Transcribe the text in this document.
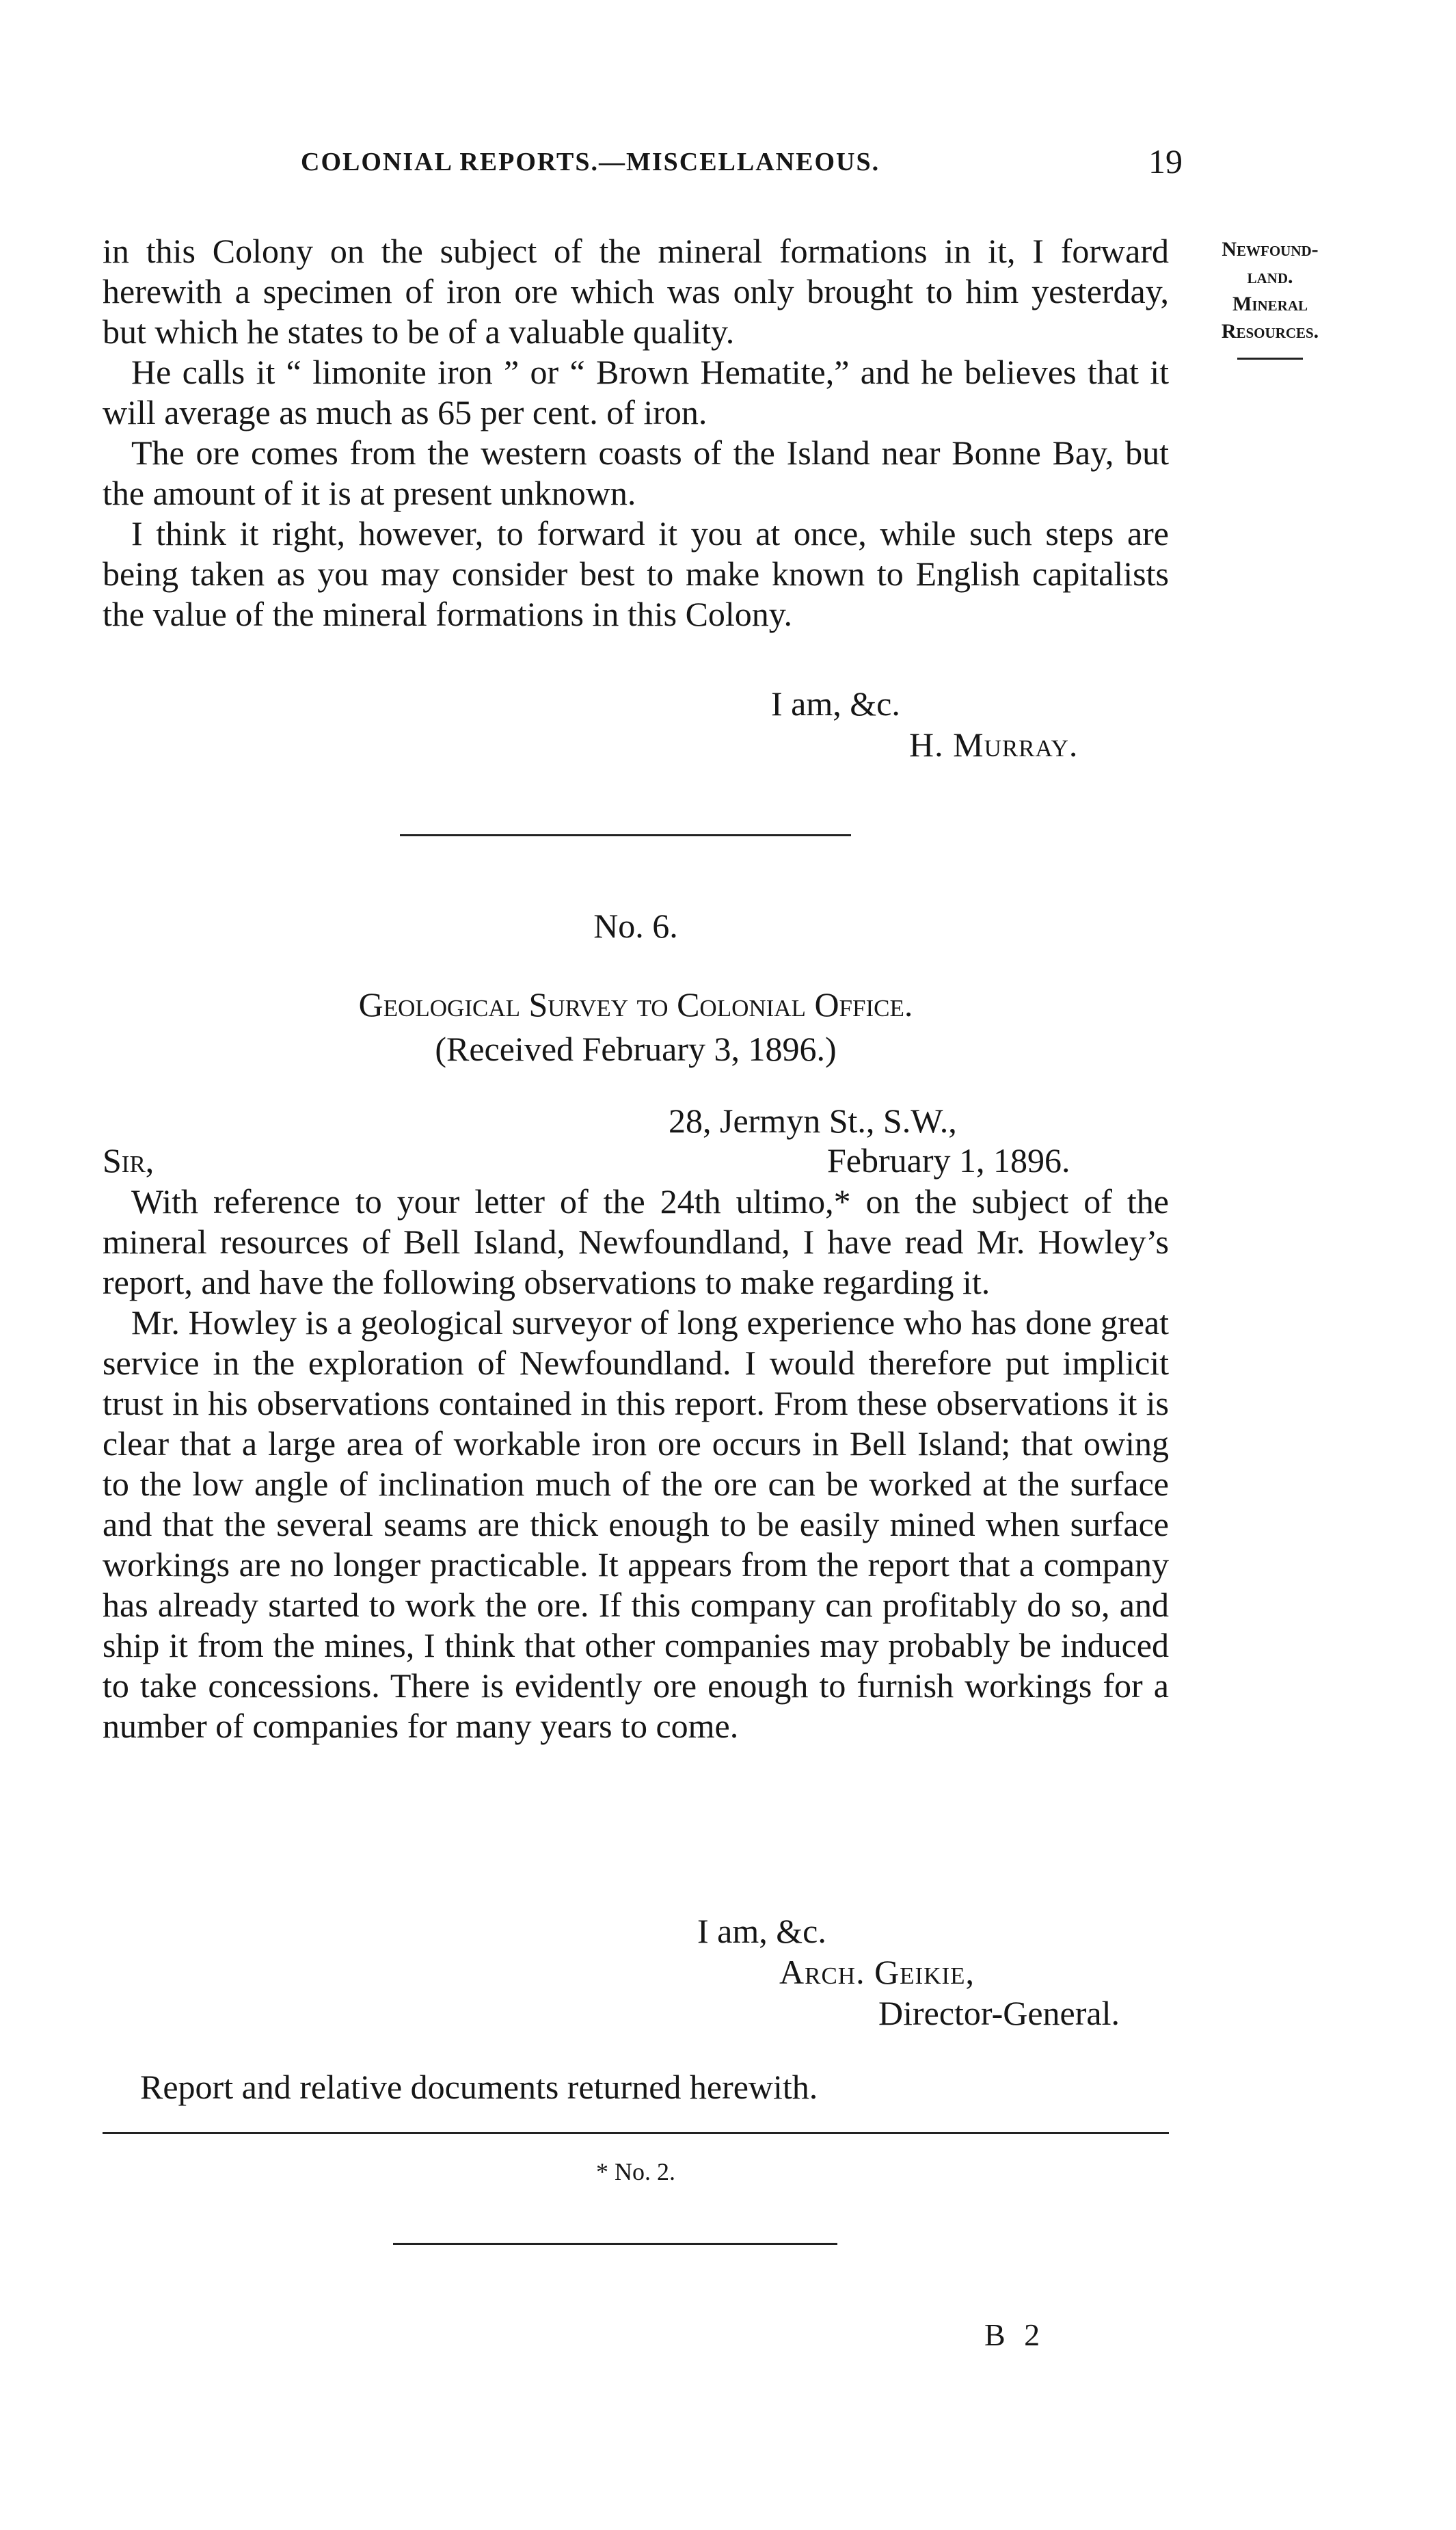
COLONIAL REPORTS.—MISCELLANEOUS.	19
Newfound-
land.
Mineral
Resources.

in this Colony on the subject of the mineral formations in it, I forward herewith a specimen of iron ore which was only brought to him yesterday, but which he states to be of a valuable quality.

He calls it “ limonite iron ” or “ Brown Hematite,” and he believes that it will average as much as 65 per cent. of iron.

The ore comes from the western coasts of the Island near Bonne Bay, but the amount of it is at present unknown.

I think it right, however, to forward it you at once, while such steps are being taken as you may consider best to make known to English capitalists the value of the mineral formations in this Colony.

I am, &c.
H. Murray.
No. 6.
Geological Survey to Colonial Office.
(Received February 3, 1896.)
28, Jermyn St., S.W.,
Sir,	February 1, 1896.

With reference to your letter of the 24th ultimo,* on the subject of the mineral resources of Bell Island, Newfoundland, I have read Mr. Howley’s report, and have the following observations to make regarding it.

Mr. Howley is a geological surveyor of long experience who has done great service in the exploration of Newfoundland. I would therefore put implicit trust in his observations contained in this report. From these observations it is clear that a large area of workable iron ore occurs in Bell Island; that owing to the low angle of inclination much of the ore can be worked at the surface and that the several seams are thick enough to be easily mined when surface workings are no longer practicable. It appears from the report that a company has already started to work the ore. If this company can profitably do so, and ship it from the mines, I think that other companies may probably be induced to take concessions. There is evidently ore enough to furnish workings for a number of companies for many years to come.

I am, &c.
Arch. Geikie,
Director-General.
Report and relative documents returned herewith.
* No. 2.
B 2
